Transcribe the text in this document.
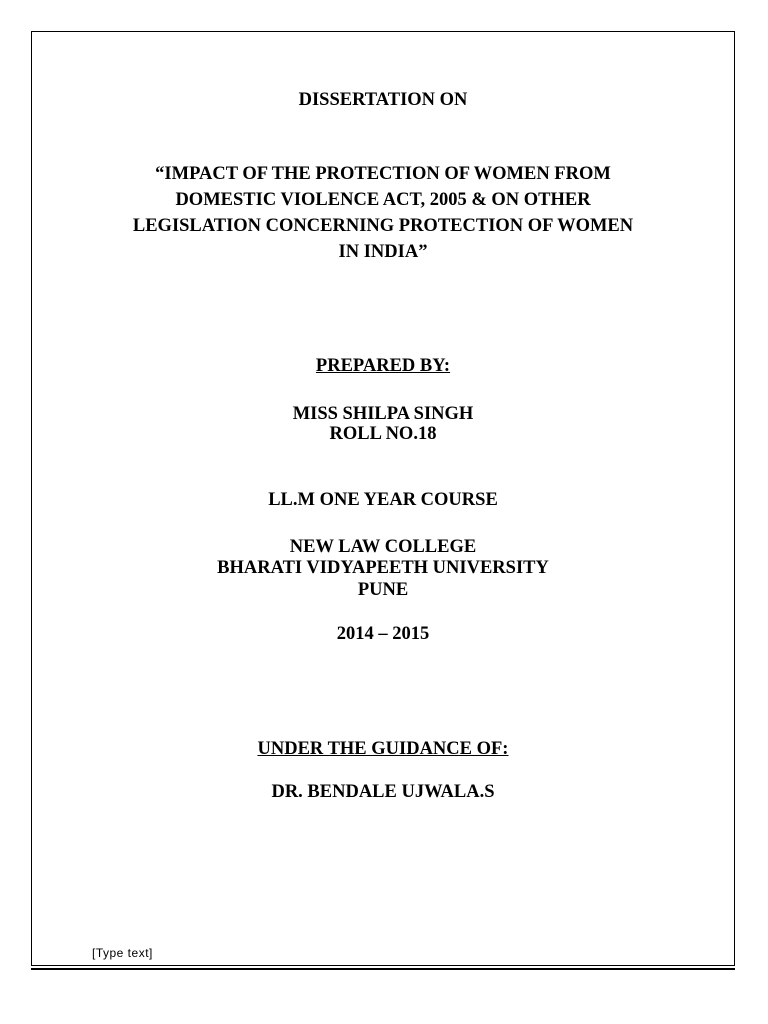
DISSERTATION ON
“IMPACT OF THE PROTECTION OF WOMEN FROM
DOMESTIC VIOLENCE ACT, 2005 & ON OTHER
LEGISLATION CONCERNING PROTECTION OF WOMEN
IN INDIA”
PREPARED BY:
MISS SHILPA SINGH
ROLL NO.18
LL.M ONE YEAR COURSE
NEW LAW COLLEGE
BHARATI VIDYAPEETH UNIVERSITY
PUNE
2014 – 2015
UNDER THE GUIDANCE OF:
DR. BENDALE UJWALA.S
[Type text]
